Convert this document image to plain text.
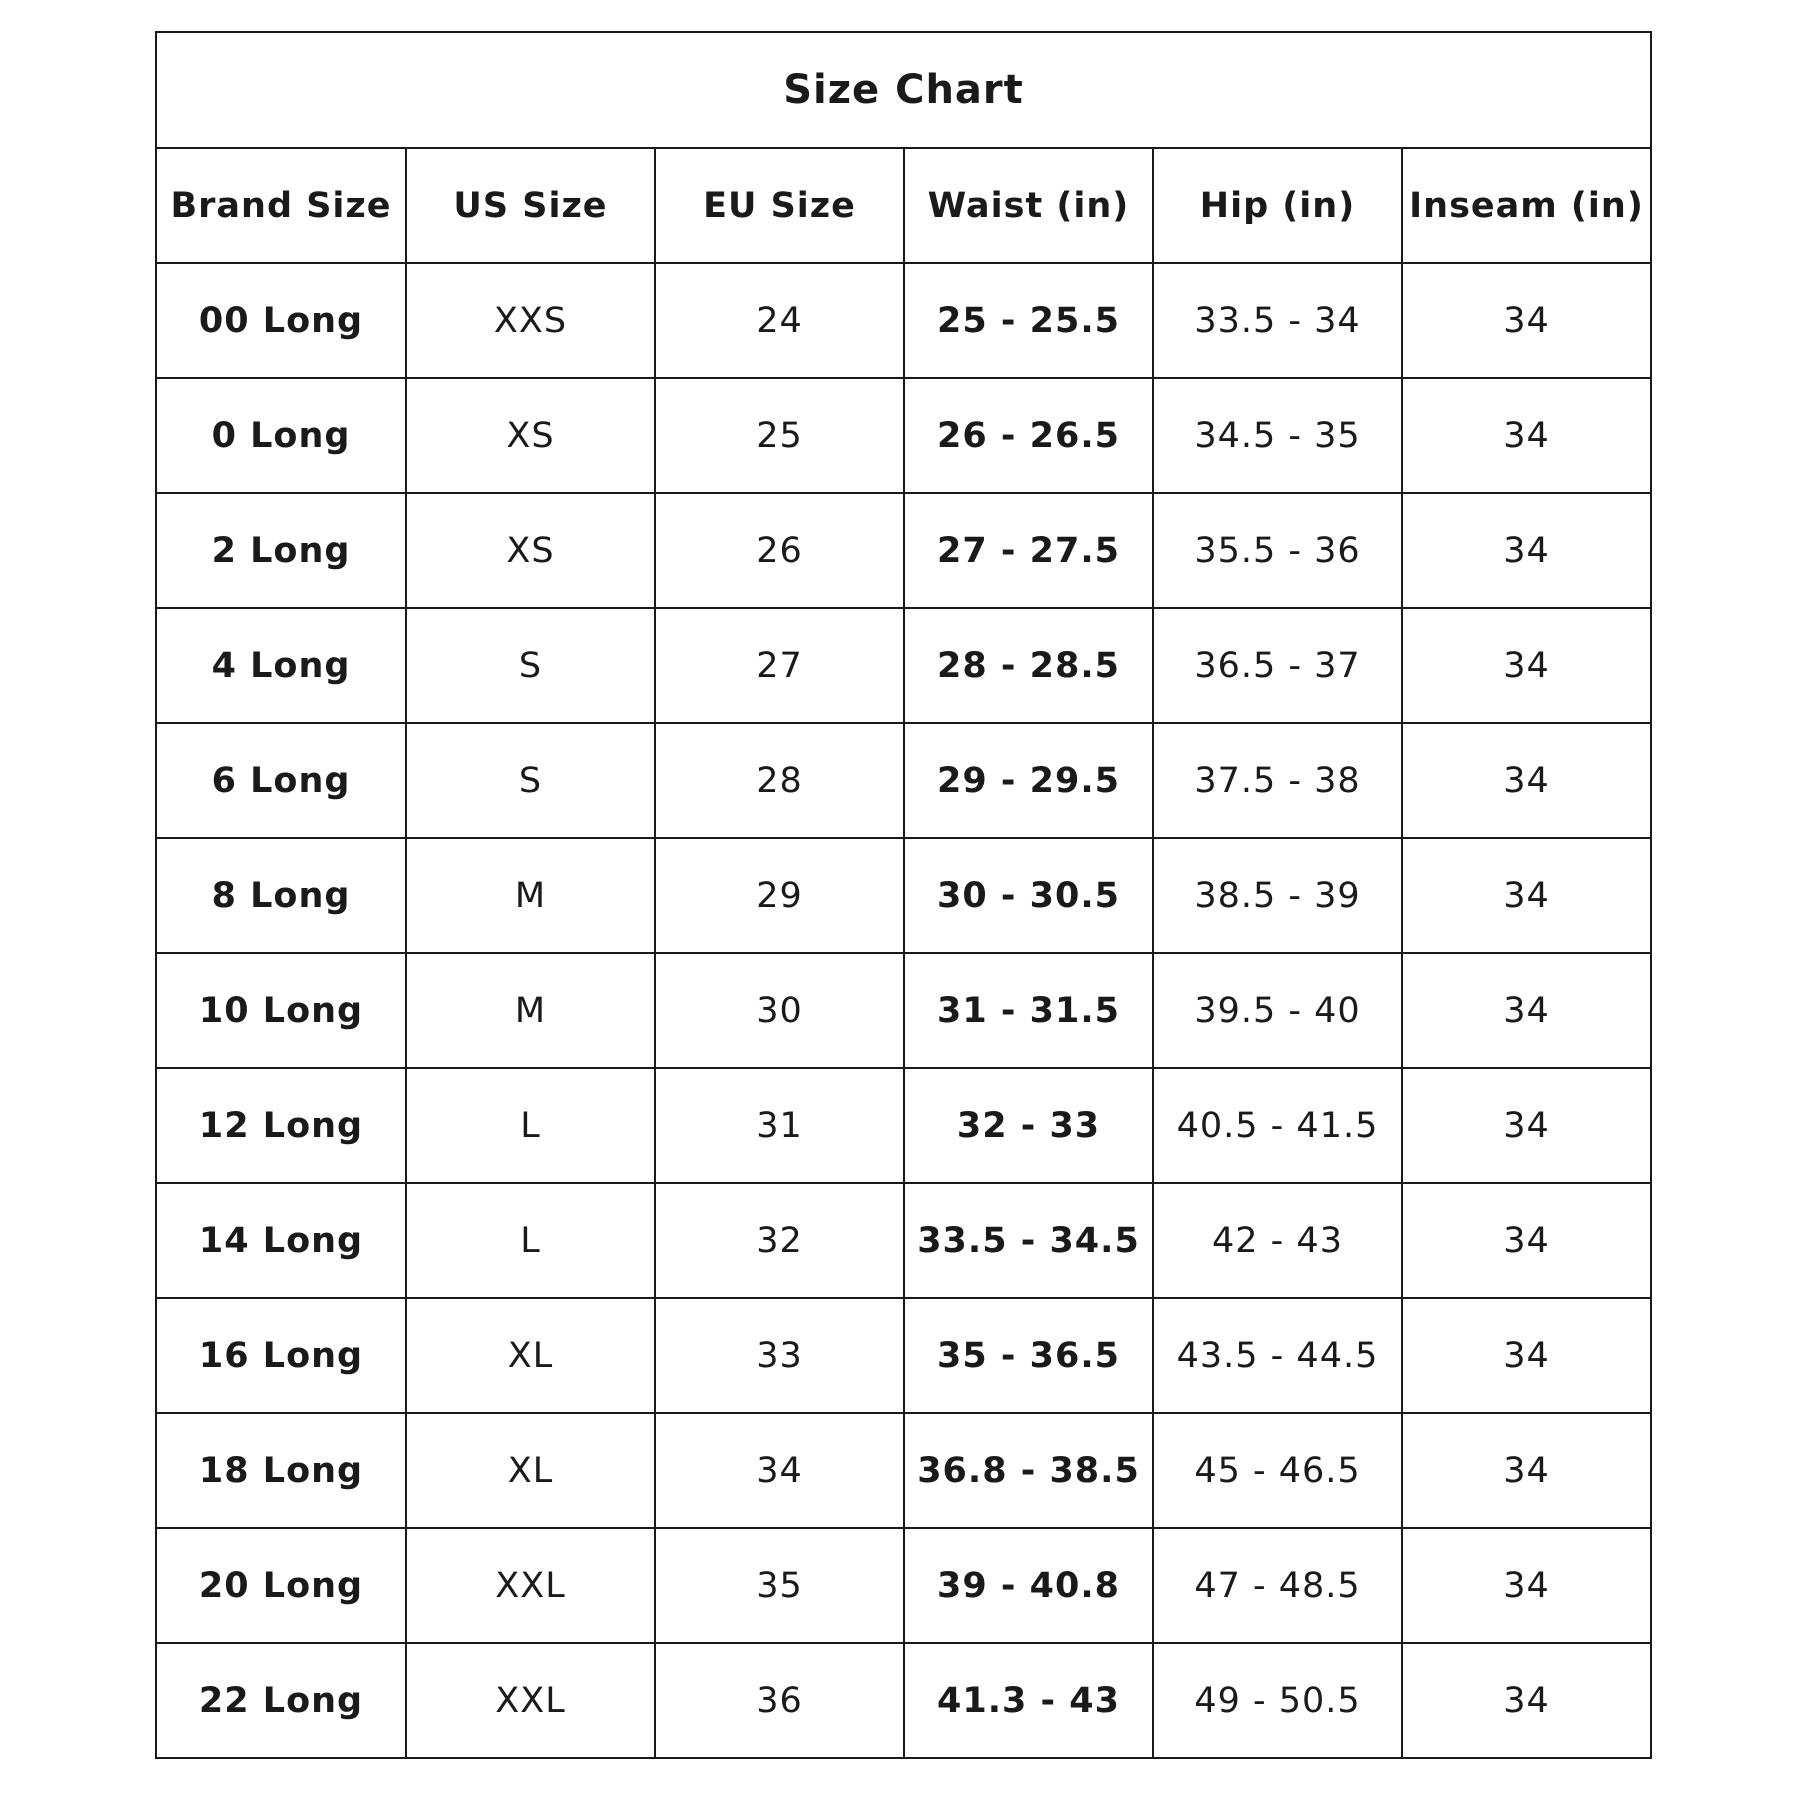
Size Chart					
Brand Size	US Size	EU Size	Waist (in)	Hip (in)	Inseam (in)
00 Long	XXS	24	25 - 25.5	33.5 - 34	34
0 Long	XS	25	26 - 26.5	34.5 - 35	34
2 Long	XS	26	27 - 27.5	35.5 - 36	34
4 Long	S	27	28 - 28.5	36.5 - 37	34
6 Long	S	28	29 - 29.5	37.5 - 38	34
8 Long	M	29	30 - 30.5	38.5 - 39	34
10 Long	M	30	31 - 31.5	39.5 - 40	34
12 Long	L	31	32 - 33	40.5 - 41.5	34
14 Long	L	32	33.5 - 34.5	42 - 43	34
16 Long	XL	33	35 - 36.5	43.5 - 44.5	34
18 Long	XL	34	36.8 - 38.5	45 - 46.5	34
20 Long	XXL	35	39 - 40.8	47 - 48.5	34
22 Long	XXL	36	41.3 - 43	49 - 50.5	34
